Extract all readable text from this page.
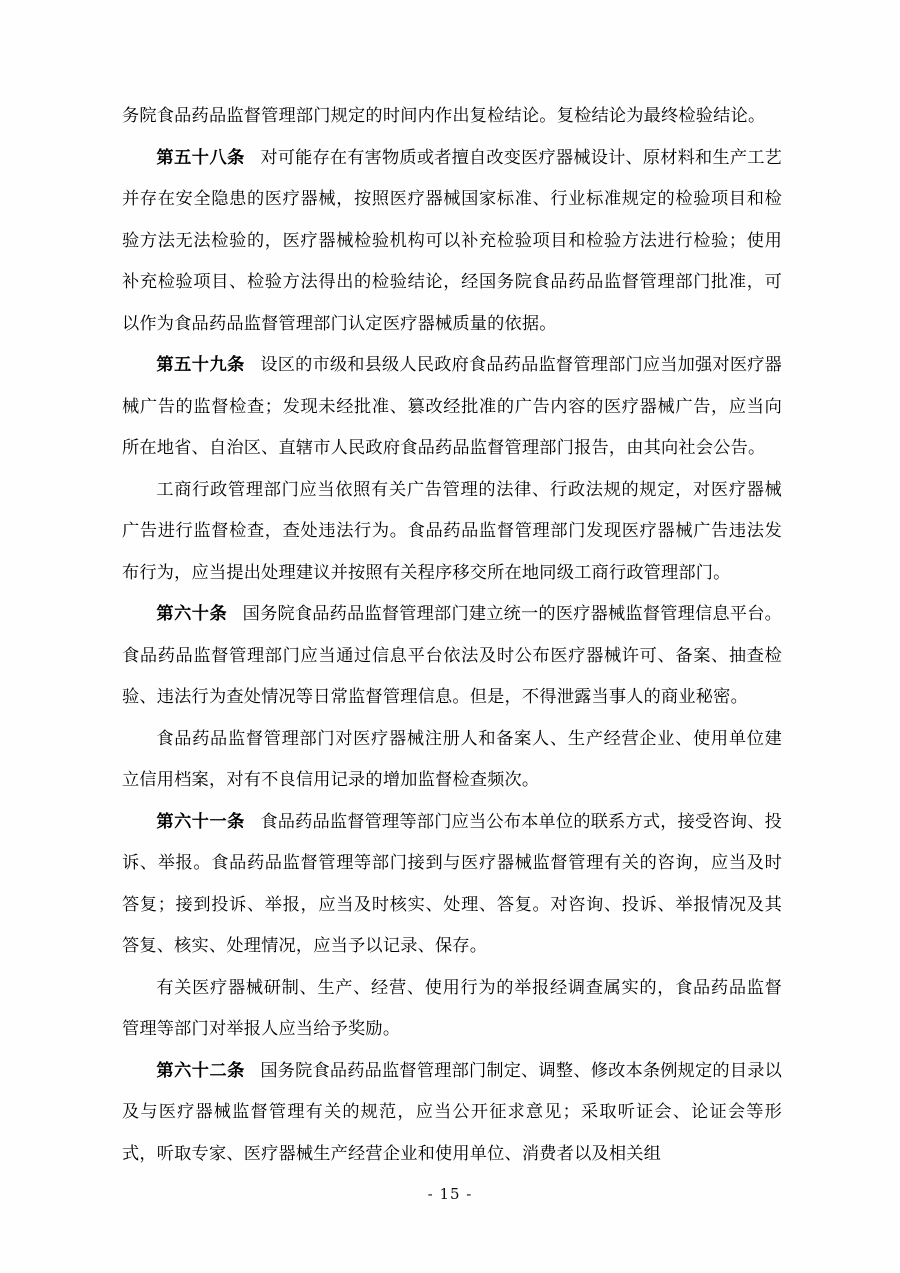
务院食品药品监督管理部门规定的时间内作出复检结论。复检结论为最终检验结论。

第五十八条 对可能存在有害物质或者擅自改变医疗器械设计、原材料和生产工艺并存在安全隐患的医疗器械，按照医疗器械国家标准、行业标准规定的检验项目和检验方法无法检验的，医疗器械检验机构可以补充检验项目和检验方法进行检验；使用补充检验项目、检验方法得出的检验结论，经国务院食品药品监督管理部门批准，可以作为食品药品监督管理部门认定医疗器械质量的依据。

第五十九条 设区的市级和县级人民政府食品药品监督管理部门应当加强对医疗器械广告的监督检查；发现未经批准、篡改经批准的广告内容的医疗器械广告，应当向所在地省、自治区、直辖市人民政府食品药品监督管理部门报告，由其向社会公告。

工商行政管理部门应当依照有关广告管理的法律、行政法规的规定，对医疗器械广告进行监督检查，查处违法行为。食品药品监督管理部门发现医疗器械广告违法发布行为，应当提出处理建议并按照有关程序移交所在地同级工商行政管理部门。

第六十条 国务院食品药品监督管理部门建立统一的医疗器械监督管理信息平台。食品药品监督管理部门应当通过信息平台依法及时公布医疗器械许可、备案、抽查检验、违法行为查处情况等日常监督管理信息。但是，不得泄露当事人的商业秘密。

食品药品监督管理部门对医疗器械注册人和备案人、生产经营企业、使用单位建立信用档案，对有不良信用记录的增加监督检查频次。

第六十一条 食品药品监督管理等部门应当公布本单位的联系方式，接受咨询、投诉、举报。食品药品监督管理等部门接到与医疗器械监督管理有关的咨询，应当及时答复；接到投诉、举报，应当及时核实、处理、答复。对咨询、投诉、举报情况及其答复、核实、处理情况，应当予以记录、保存。

有关医疗器械研制、生产、经营、使用行为的举报经调查属实的，食品药品监督管理等部门对举报人应当给予奖励。

第六十二条 国务院食品药品监督管理部门制定、调整、修改本条例规定的目录以及与医疗器械监督管理有关的规范，应当公开征求意见；采取听证会、论证会等形式，听取专家、医疗器械生产经营企业和使用单位、消费者以及相关组

- 15 -
